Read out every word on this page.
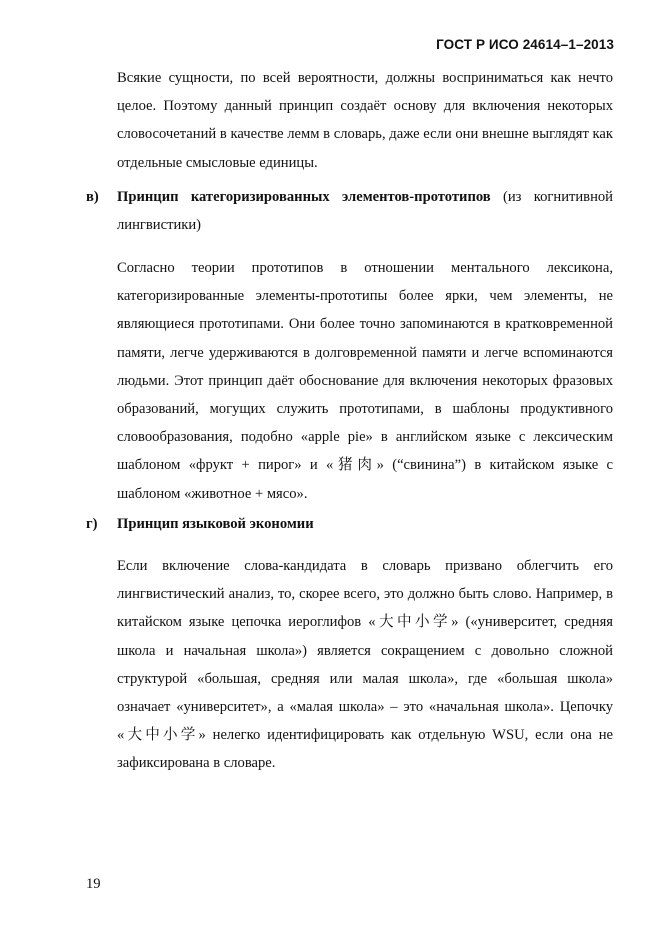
ГОСТ Р ИСО 24614–1–2013

Всякие сущности, по всей вероятности, должны восприниматься как нечто целое. Поэтому данный принцип создаёт основу для включения некоторых словосочетаний в качестве лемм в словарь, даже если они внешне выглядят как отдельные смысловые единицы.

в) Принцип категоризированных элементов-прототипов (из когнитивной лингвистики)

Согласно теории прототипов в отношении ментального лексикона, категоризированные элементы-прототипы более ярки, чем элементы, не являющиеся прототипами. Они более точно запоминаются в кратковременной памяти, легче удерживаются в долговременной памяти и легче вспоминаются людьми. Этот принцип даёт обоснование для включения некоторых фразовых образований, могущих служить прототипами, в шаблоны продуктивного словообразования, подобно «apple pie» в английском языке с лексическим шаблоном «фрукт + пирог» и «猪肉» (“свинина”) в китайском языке с шаблоном «животное + мясо».

г) Принцип языковой экономии

Если включение слова-кандидата в словарь призвано облегчить его лингвистический анализ, то, скорее всего, это должно быть слово. Например, в китайском языке цепочка иероглифов «大中小学» («университет, средняя школа и начальная школа») является сокращением с довольно сложной структурой «большая, средняя или малая школа», где «большая школа» означает «университет», а «малая школа» – это «начальная школа». Цепочку «大中小学» нелегко идентифицировать как отдельную WSU, если она не зафиксирована в словаре.

19
